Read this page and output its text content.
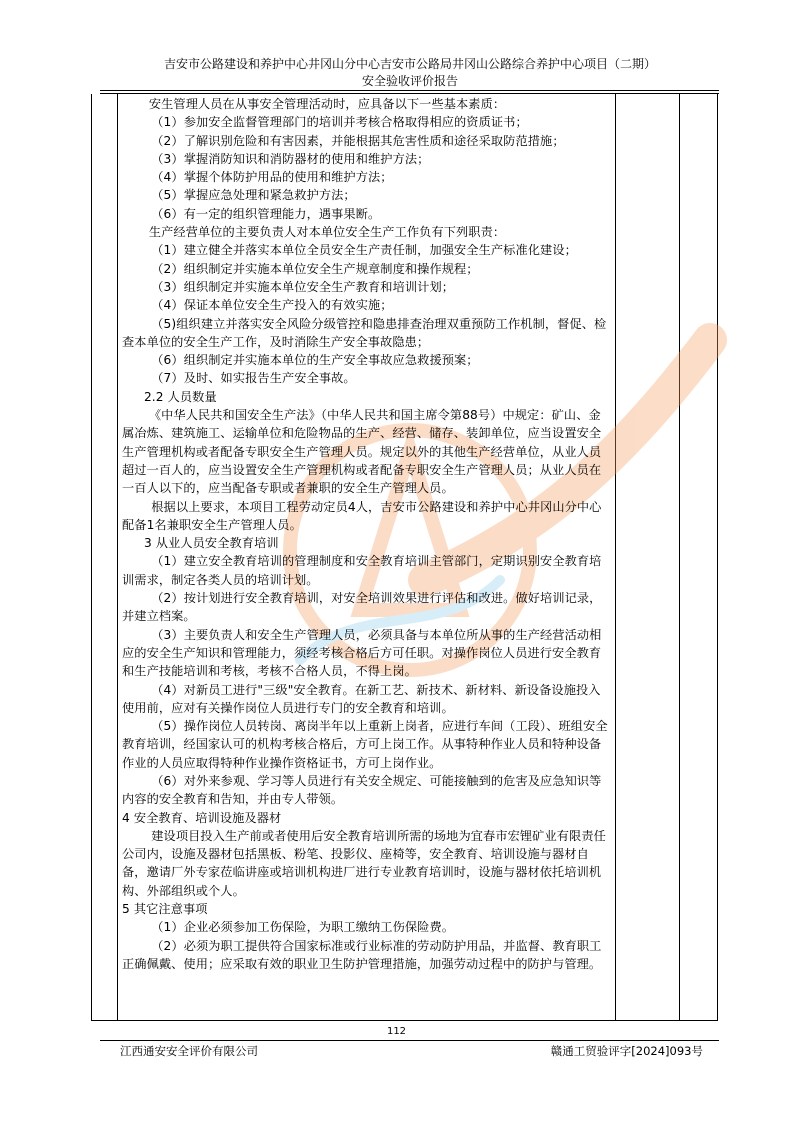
吉安市公路建设和养护中心井冈山分中心吉安市公路局井冈山公路综合养护中心项目（二期）
安全验收评价报告

安生管理人员在从事安全管理活动时，应具备以下一些基本素质：

（1）参加安全监督管理部门的培训并考核合格取得相应的资质证书；

（2）了解识别危险和有害因素，并能根据其危害性质和途径采取防范措施；

（3）掌握消防知识和消防器材的使用和维护方法；

（4）掌握个体防护用品的使用和维护方法；

（5）掌握应急处理和紧急救护方法；

（6）有一定的组织管理能力，遇事果断。

生产经营单位的主要负责人对本单位安全生产工作负有下列职责：

（1）建立健全并落实本单位全员安全生产责任制，加强安全生产标准化建设；

（2）组织制定并实施本单位安全生产规章制度和操作规程；

（3）组织制定并实施本单位安全生产教育和培训计划；

（4）保证本单位安全生产投入的有效实施；

（5)组织建立并落实安全风险分级管控和隐患排查治理双重预防工作机制，督促、检查本单位的安全生产工作，及时消除生产安全事故隐患；

（6）组织制定并实施本单位的生产安全事故应急救援预案；

（7）及时、如实报告生产安全事故。

2.2 人员数量

《中华人民共和国安全生产法》（中华人民共和国主席令第88号）中规定：矿山、金属冶炼、建筑施工、运输单位和危险物品的生产、经营、储存、装卸单位，应当设置安全生产管理机构或者配备专职安全生产管理人员。规定以外的其他生产经营单位，从业人员超过一百人的，应当设置安全生产管理机构或者配备专职安全生产管理人员；从业人员在一百人以下的，应当配备专职或者兼职的安全生产管理人员。

根据以上要求，本项目工程劳动定员4人，吉安市公路建设和养护中心井冈山分中心配备1名兼职安全生产管理人员。

3 从业人员安全教育培训

（1）建立安全教育培训的管理制度和安全教育培训主管部门，定期识别安全教育培训需求，制定各类人员的培训计划。

（2）按计划进行安全教育培训，对安全培训效果进行评估和改进。做好培训记录，并建立档案。

（3）主要负责人和安全生产管理人员，必须具备与本单位所从事的生产经营活动相应的安全生产知识和管理能力，须经考核合格后方可任职。对操作岗位人员进行安全教育和生产技能培训和考核，考核不合格人员，不得上岗。

（4）对新员工进行"三级"安全教育。在新工艺、新技术、新材料、新设备设施投入使用前，应对有关操作岗位人员进行专门的安全教育和培训。

（5）操作岗位人员转岗、离岗半年以上重新上岗者，应进行车间（工段）、班组安全教育培训，经国家认可的机构考核合格后，方可上岗工作。从事特种作业人员和特种设备作业的人员应取得特种作业操作资格证书，方可上岗作业。

（6）对外来参观、学习等人员进行有关安全规定、可能接触到的危害及应急知识等内容的安全教育和告知，并由专人带领。

4 安全教育、培训设施及器材

建设项目投入生产前或者使用后安全教育培训所需的场地为宜春市宏锂矿业有限责任公司内，设施及器材包括黑板、粉笔、投影仪、座椅等，安全教育、培训设施与器材自备，邀请厂外专家莅临讲座或培训机构进厂进行专业教育培训时，设施与器材依托培训机构、外部组织或个人。

5 其它注意事项

（1）企业必须参加工伤保险，为职工缴纳工伤保险费。

（2）必须为职工提供符合国家标准或行业标准的劳动防护用品，并监督、教育职工正确佩戴、使用；应采取有效的职业卫生防护管理措施，加强劳动过程中的防护与管理。

112
江西通安安全评价有限公司	赣通工贸验评字[2024]093号
